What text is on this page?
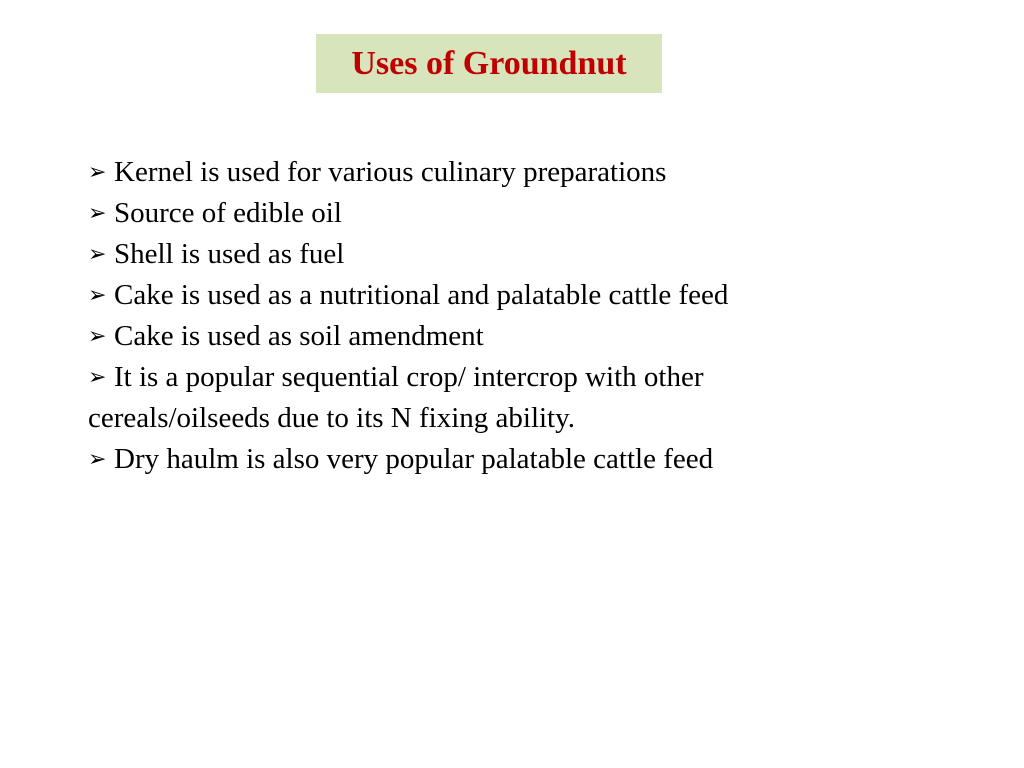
Uses of Groundnut
➢ Kernel is used for various culinary preparations
➢ Source of edible oil
➢ Shell is used as fuel
➢ Cake is used as a nutritional and palatable cattle feed
➢ Cake is used as soil amendment
➢ It is a popular sequential crop/ intercrop with other
cereals/oilseeds due to its N fixing ability.
➢ Dry haulm is also very popular palatable cattle feed
